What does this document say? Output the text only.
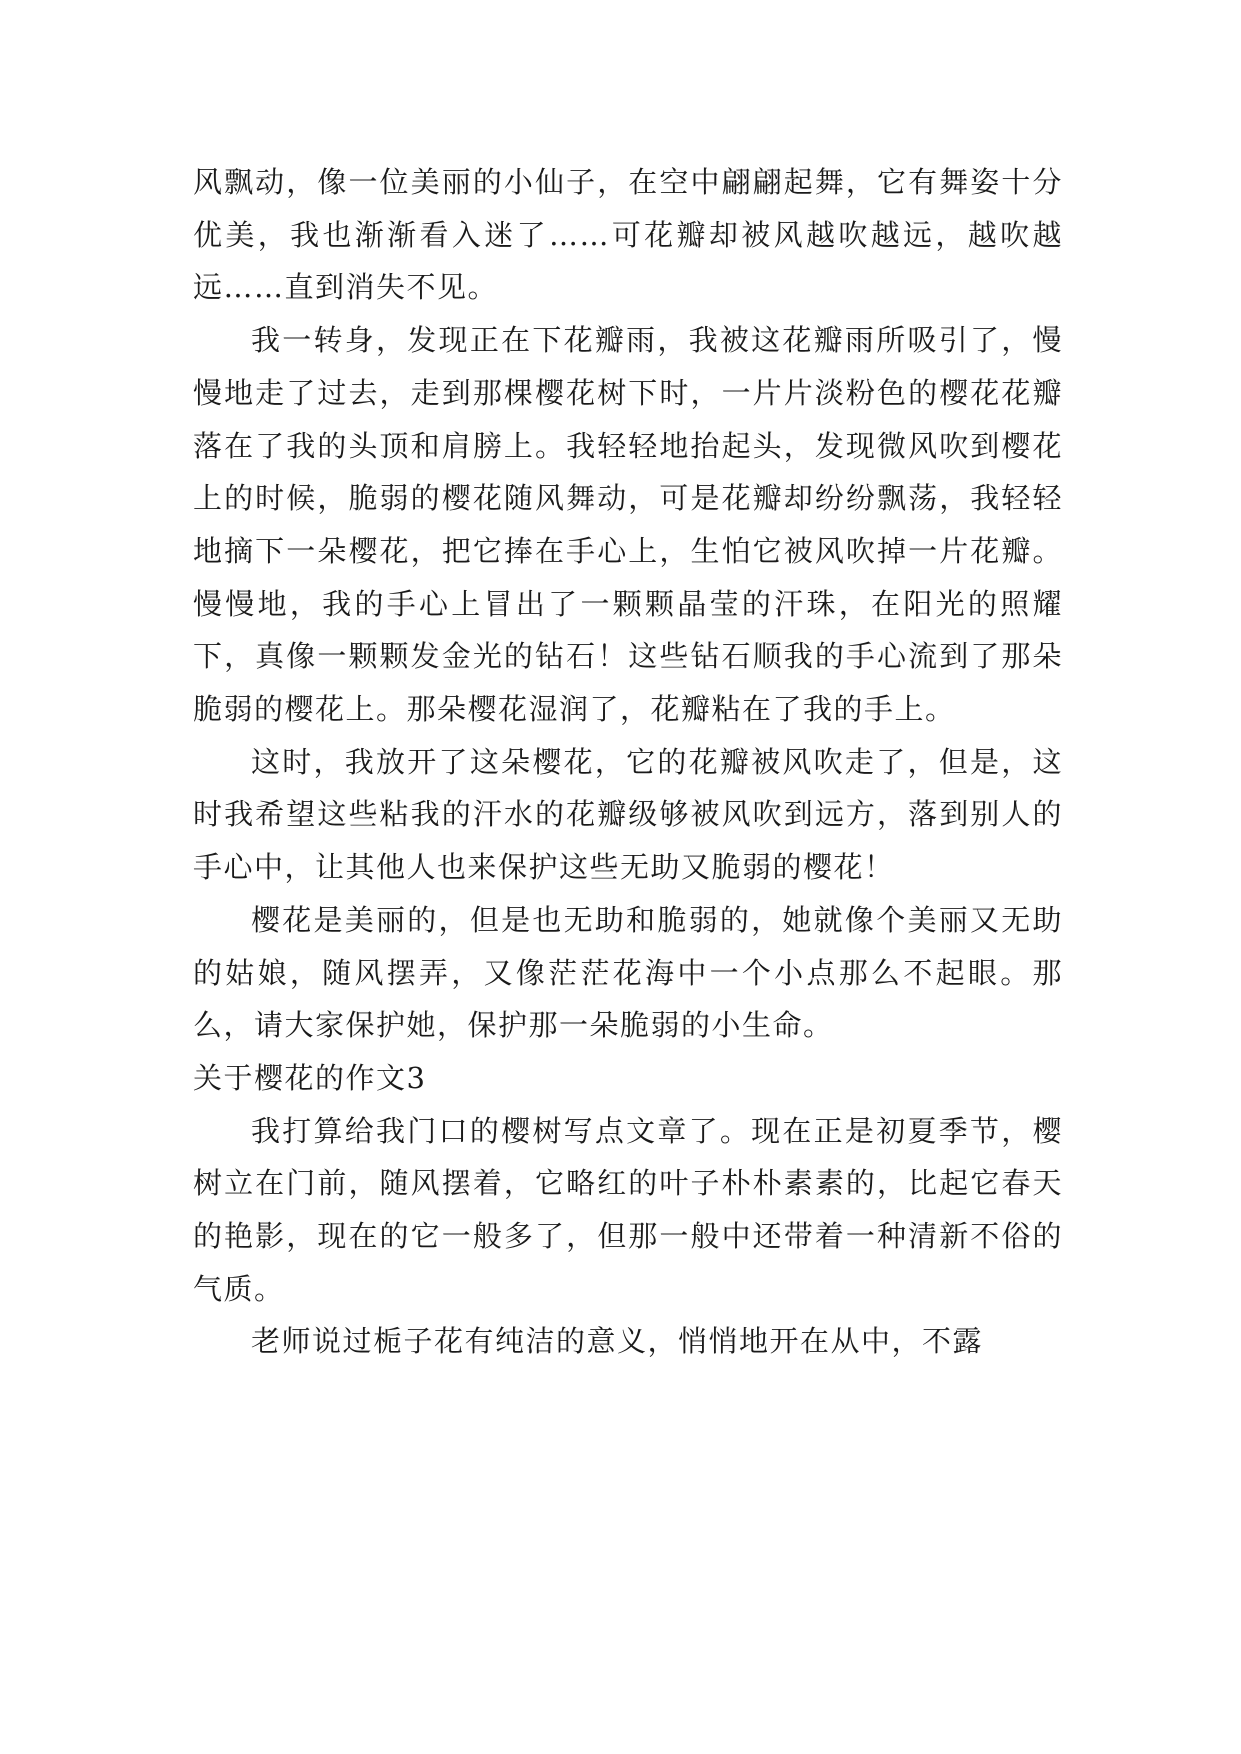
风飘动，像一位美丽的小仙子，在空中翩翩起舞，它有舞姿十分优美，我也渐渐看入迷了……可花瓣却被风越吹越远，越吹越远……直到消失不见。

我一转身，发现正在下花瓣雨，我被这花瓣雨所吸引了，慢慢地走了过去，走到那棵樱花树下时，一片片淡粉色的樱花花瓣落在了我的头顶和肩膀上。我轻轻地抬起头，发现微风吹到樱花上的时候，脆弱的樱花随风舞动，可是花瓣却纷纷飘荡，我轻轻地摘下一朵樱花，把它捧在手心上，生怕它被风吹掉一片花瓣。慢慢地，我的手心上冒出了一颗颗晶莹的汗珠，在阳光的照耀下，真像一颗颗发金光的钻石！这些钻石顺我的手心流到了那朵脆弱的樱花上。那朵樱花湿润了，花瓣粘在了我的手上。

这时，我放开了这朵樱花，它的花瓣被风吹走了，但是，这时我希望这些粘我的汗水的花瓣级够被风吹到远方，落到别人的手心中，让其他人也来保护这些无助又脆弱的樱花！

樱花是美丽的，但是也无助和脆弱的，她就像个美丽又无助的姑娘，随风摆弄，又像茫茫花海中一个小点那么不起眼。那么，请大家保护她，保护那一朵脆弱的小生命。

关于樱花的作文3

我打算给我门口的樱树写点文章了。现在正是初夏季节，樱树立在门前，随风摆着，它略红的叶子朴朴素素的，比起它春天的艳影，现在的它一般多了，但那一般中还带着一种清新不俗的气质。

老师说过栀子花有纯洁的意义，悄悄地开在从中，不露
